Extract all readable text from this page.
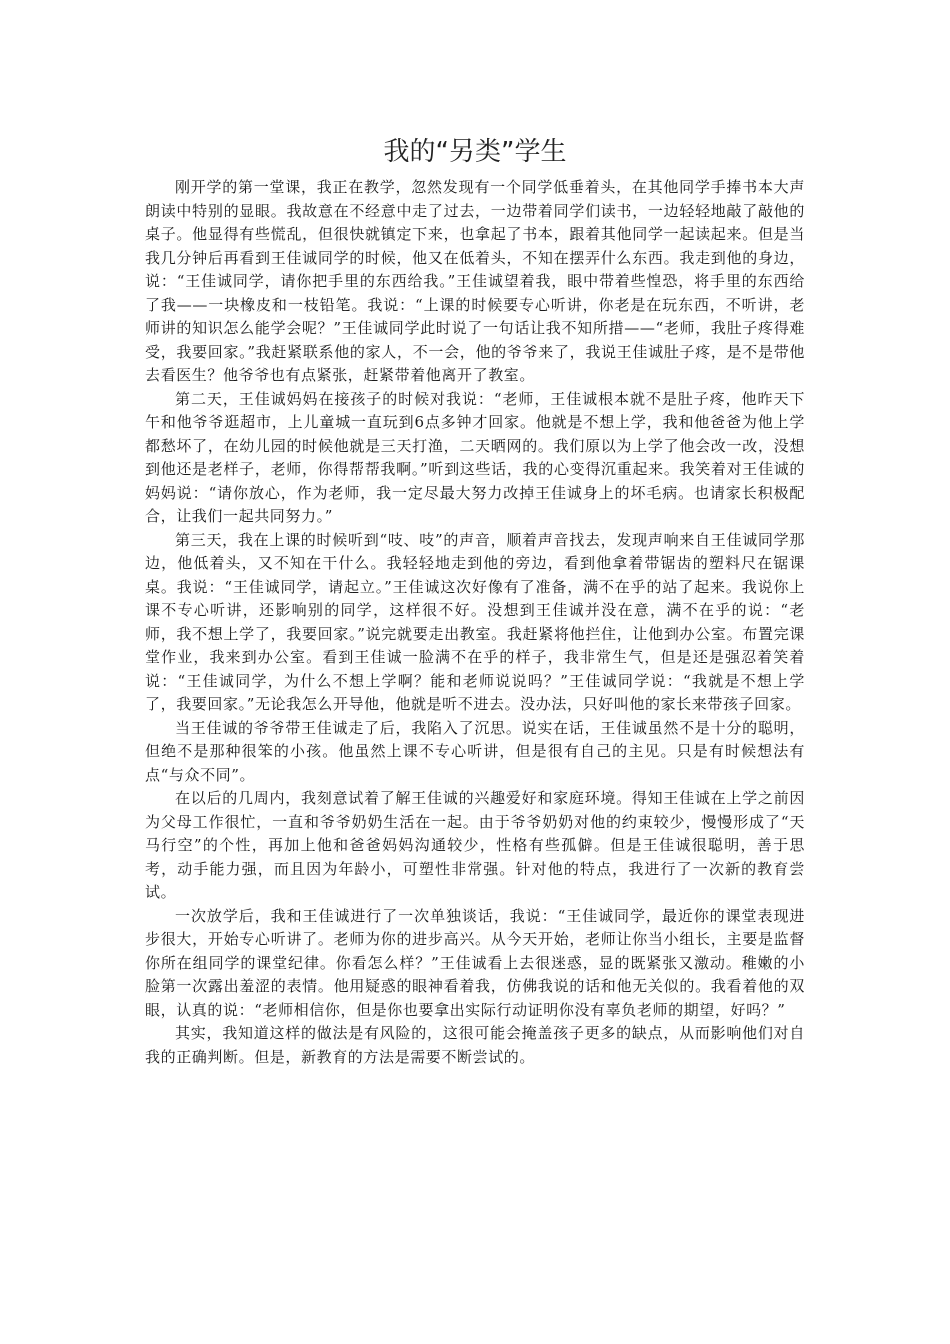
我的“另类”学生

刚开学的第一堂课，我正在教学，忽然发现有一个同学低垂着头，在其他同学手捧书本大声朗读中特别的显眼。我故意在不经意中走了过去，一边带着同学们读书，一边轻轻地敲了敲他的桌子。他显得有些慌乱，但很快就镇定下来，也拿起了书本，跟着其他同学一起读起来。但是当我几分钟后再看到王佳诚同学的时候，他又在低着头，不知在摆弄什么东西。我走到他的身边，说：“王佳诚同学，请你把手里的东西给我。”王佳诚望着我，眼中带着些惶恐，将手里的东西给了我——一块橡皮和一枝铅笔。我说：“上课的时候要专心听讲，你老是在玩东西，不听讲，老师讲的知识怎么能学会呢？”王佳诚同学此时说了一句话让我不知所措——“老师，我肚子疼得难受，我要回家。”我赶紧联系他的家人，不一会，他的爷爷来了，我说王佳诚肚子疼，是不是带他去看医生？他爷爷也有点紧张，赶紧带着他离开了教室。

第二天，王佳诚妈妈在接孩子的时候对我说：“老师，王佳诚根本就不是肚子疼，他昨天下午和他爷爷逛超市，上儿童城一直玩到6点多钟才回家。他就是不想上学，我和他爸爸为他上学都愁坏了，在幼儿园的时候他就是三天打渔，二天晒网的。我们原以为上学了他会改一改，没想到他还是老样子，老师，你得帮帮我啊。”听到这些话，我的心变得沉重起来。我笑着对王佳诚的妈妈说：“请你放心，作为老师，我一定尽最大努力改掉王佳诚身上的坏毛病。也请家长积极配合，让我们一起共同努力。”

第三天，我在上课的时候听到“吱、吱”的声音，顺着声音找去，发现声响来自王佳诚同学那边，他低着头，又不知在干什么。我轻轻地走到他的旁边，看到他拿着带锯齿的塑料尺在锯课桌。我说：“王佳诚同学，请起立。”王佳诚这次好像有了准备，满不在乎的站了起来。我说你上课不专心听讲，还影响别的同学，这样很不好。没想到王佳诚并没在意，满不在乎的说：“老师，我不想上学了，我要回家。”说完就要走出教室。我赶紧将他拦住，让他到办公室。布置完课堂作业，我来到办公室。看到王佳诚一脸满不在乎的样子，我非常生气，但是还是强忍着笑着说：“王佳诚同学，为什么不想上学啊？能和老师说说吗？”王佳诚同学说：“我就是不想上学了，我要回家。”无论我怎么开导他，他就是听不进去。没办法，只好叫他的家长来带孩子回家。

当王佳诚的爷爷带王佳诚走了后，我陷入了沉思。说实在话，王佳诚虽然不是十分的聪明，但绝不是那种很笨的小孩。他虽然上课不专心听讲，但是很有自己的主见。只是有时候想法有点“与众不同”。

在以后的几周内，我刻意试着了解王佳诚的兴趣爱好和家庭环境。得知王佳诚在上学之前因为父母工作很忙，一直和爷爷奶奶生活在一起。由于爷爷奶奶对他的约束较少，慢慢形成了“天马行空”的个性，再加上他和爸爸妈妈沟通较少，性格有些孤僻。但是王佳诚很聪明，善于思考，动手能力强，而且因为年龄小，可塑性非常强。针对他的特点，我进行了一次新的教育尝试。

一次放学后，我和王佳诚进行了一次单独谈话，我说：“王佳诚同学，最近你的课堂表现进步很大，开始专心听讲了。老师为你的进步高兴。从今天开始，老师让你当小组长，主要是监督你所在组同学的课堂纪律。你看怎么样？”王佳诚看上去很迷惑，显的既紧张又激动。稚嫩的小脸第一次露出羞涩的表情。他用疑惑的眼神看着我，仿佛我说的话和他无关似的。我看着他的双眼，认真的说：“老师相信你，但是你也要拿出实际行动证明你没有辜负老师的期望，好吗？”

其实，我知道这样的做法是有风险的，这很可能会掩盖孩子更多的缺点，从而影响他们对自我的正确判断。但是，新教育的方法是需要不断尝试的。
